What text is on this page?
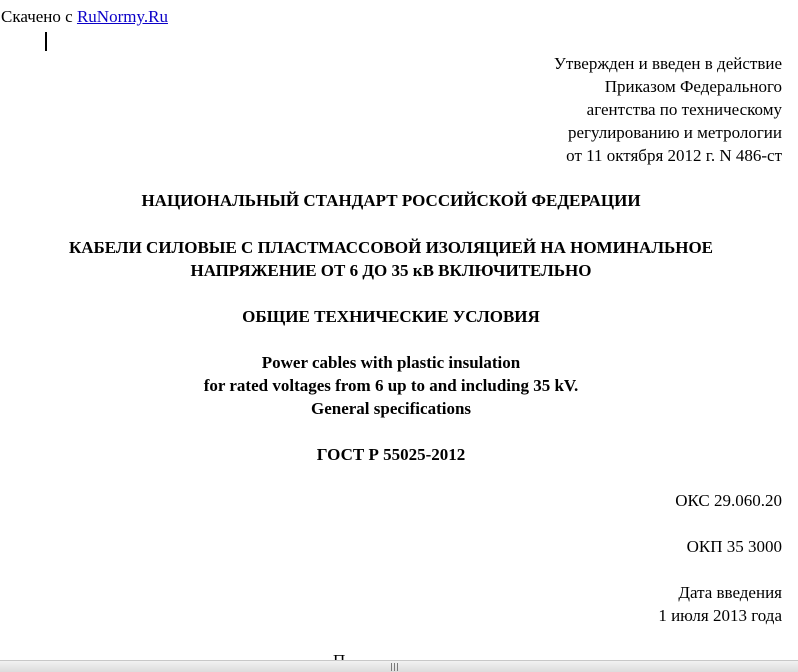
Скачено с RuNormy.Ru
Утвержден и введен в действие
Приказом Федерального
агентства по техническому
регулированию и метрологии
от 11 октября 2012 г. N 486-ст
НАЦИОНАЛЬНЫЙ СТАНДАРТ РОССИЙСКОЙ ФЕДЕРАЦИИ
КАБЕЛИ СИЛОВЫЕ С ПЛАСТМАССОВОЙ ИЗОЛЯЦИЕЙ НА НОМИНАЛЬНОЕ
НАПРЯЖЕНИЕ ОТ 6 ДО 35 кВ ВКЛЮЧИТЕЛЬНО
ОБЩИЕ ТЕХНИЧЕСКИЕ УСЛОВИЯ
Power cables with plastic insulation
for rated voltages from 6 up to and including 35 kV.
General specifications
ГОСТ Р 55025-2012
ОКС 29.060.20
ОКП 35 3000
Дата введения
1 июля 2013 года
